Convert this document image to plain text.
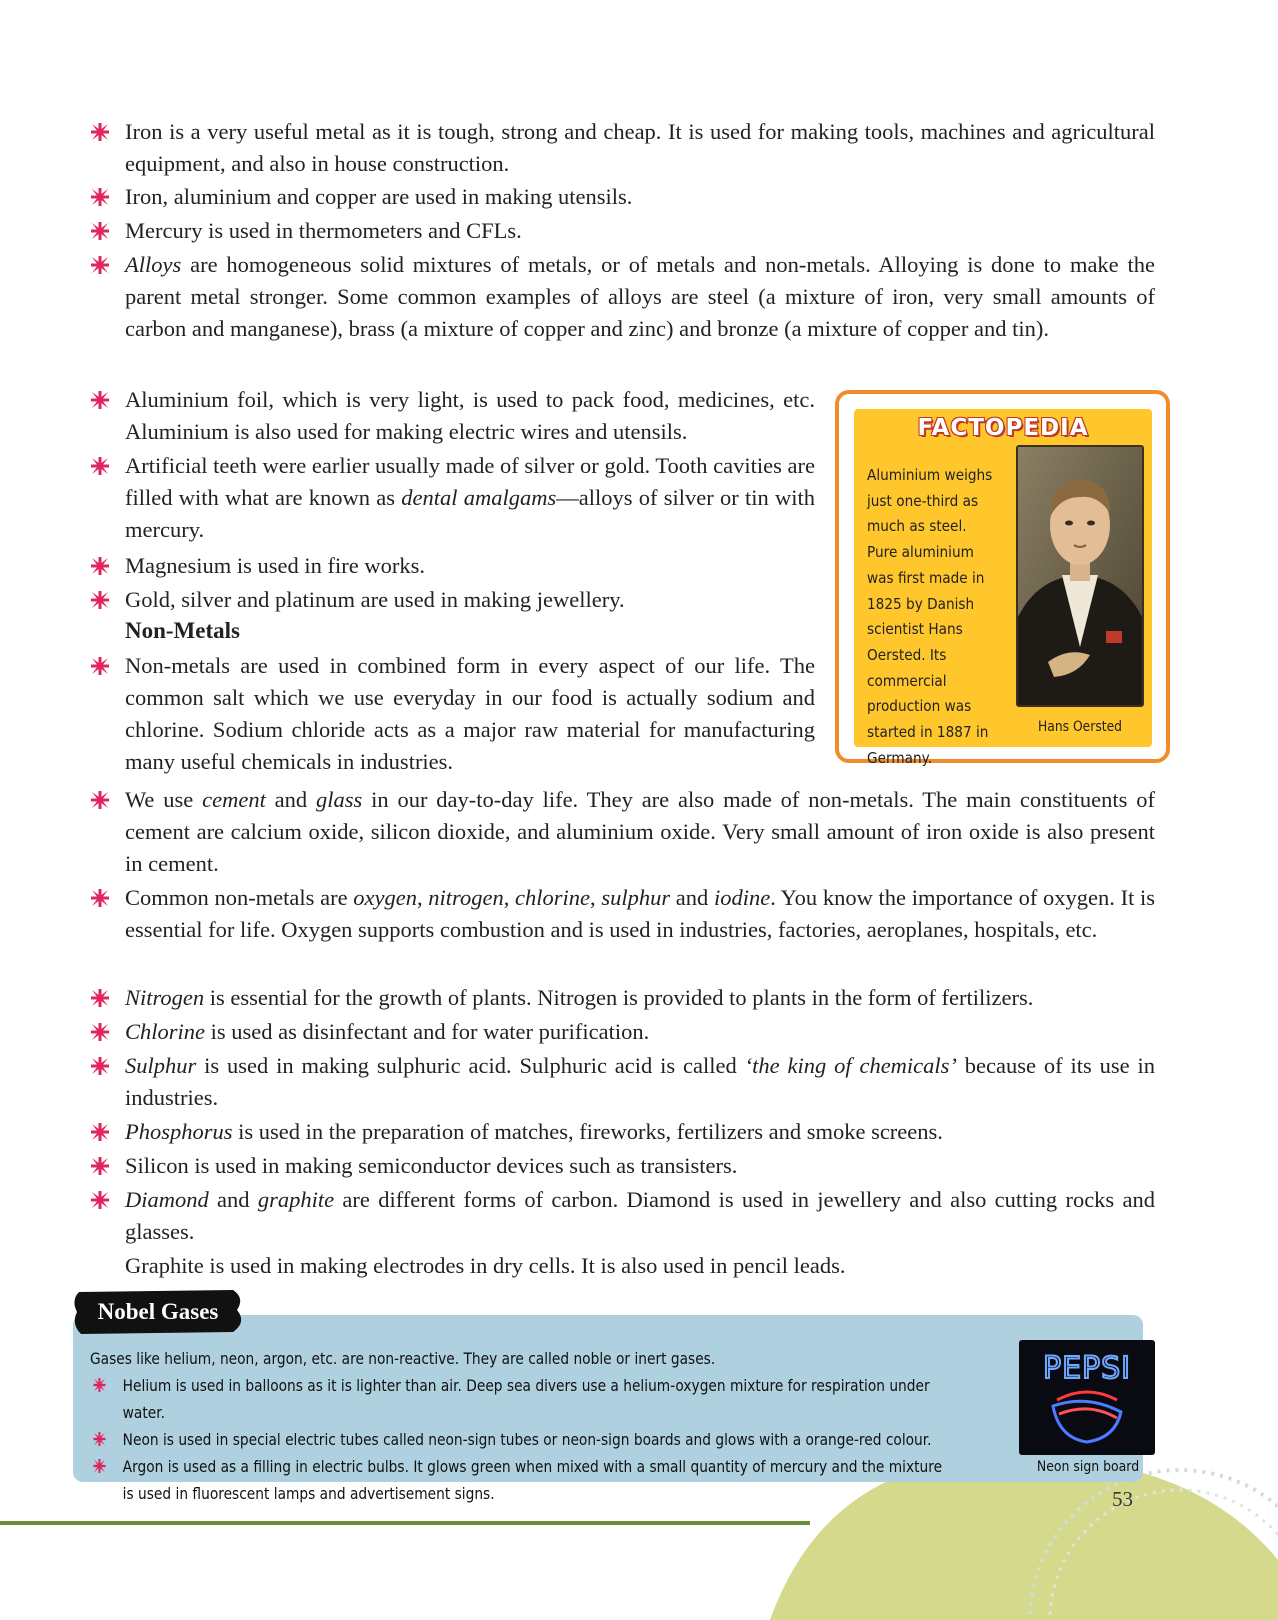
Iron is a very useful metal as it is tough, strong and cheap. It is used for making tools, machines and agricultural equipment, and also in house construction.
Iron, aluminium and copper are used in making utensils.
Mercury is used in thermometers and CFLs.
Alloys are homogeneous solid mixtures of metals, or of metals and non-metals. Alloying is done to make the parent metal stronger. Some common examples of alloys are steel (a mixture of iron, very small amounts of carbon and manganese), brass (a mixture of copper and zinc) and bronze (a mixture of copper and tin).
Aluminium foil, which is very light, is used to pack food, medicines, etc. Aluminium is also used for making electric wires and utensils.
Artificial teeth were earlier usually made of silver or gold. Tooth cavities are filled with what are known as dental amalgams—alloys of silver or tin with mercury.
Magnesium is used in fire works.
Gold, silver and platinum are used in making jewellery.
Non-metals are used in combined form in every aspect of our life. The common salt which we use everyday in our food is actually sodium and chlorine. Sodium chloride acts as a major raw material for manufacturing many useful chemicals in industries.
We use cement and glass in our day-to-day life. They are also made of non-metals. The main constituents of cement are calcium oxide, silicon dioxide, and aluminium oxide. Very small amount of iron oxide is also present in cement.
Common non-metals are oxygen, nitrogen, chlorine, sulphur and iodine. You know the importance of oxygen. It is essential for life. Oxygen supports combustion and is used in industries, factories, aeroplanes, hospitals, etc.
Nitrogen is essential for the growth of plants. Nitrogen is provided to plants in the form of fertilizers.
Chlorine is used as disinfectant and for water purification.
Sulphur is used in making sulphuric acid. Sulphuric acid is called ‘the king of chemicals’ because of its use in industries.
Phosphorus is used in the preparation of matches, fireworks, fertilizers and smoke screens.
Silicon is used in making semiconductor devices such as transisters.
Diamond and graphite are different forms of carbon. Diamond is used in jewellery and also cutting rocks and glasses.
Non-Metals
Graphite is used in making electrodes in dry cells. It is also used in pencil leads.
FACTOPEDIA

Aluminium weighs just one-third as much as steel.

Pure aluminium was first made in 1825 by Danish scientist Hans Oersted. Its commercial production was started in 1887 in Germany.

Hans Oersted
Gases like helium, neon, argon, etc. are non-reactive. They are called noble or inert gases.
Helium is used in balloons as it is lighter than air. Deep sea divers use a helium-oxygen mixture for respiration under water.
Neon is used in special electric tubes called neon-sign tubes or neon-sign boards and glows with a orange-red colour.
Argon is used as a filling in electric bulbs. It glows green when mixed with a small quantity of mercury and the mixture is used in fluorescent lamps and advertisement signs.
PEPSI
Neon sign board
Nobel Gases
53
